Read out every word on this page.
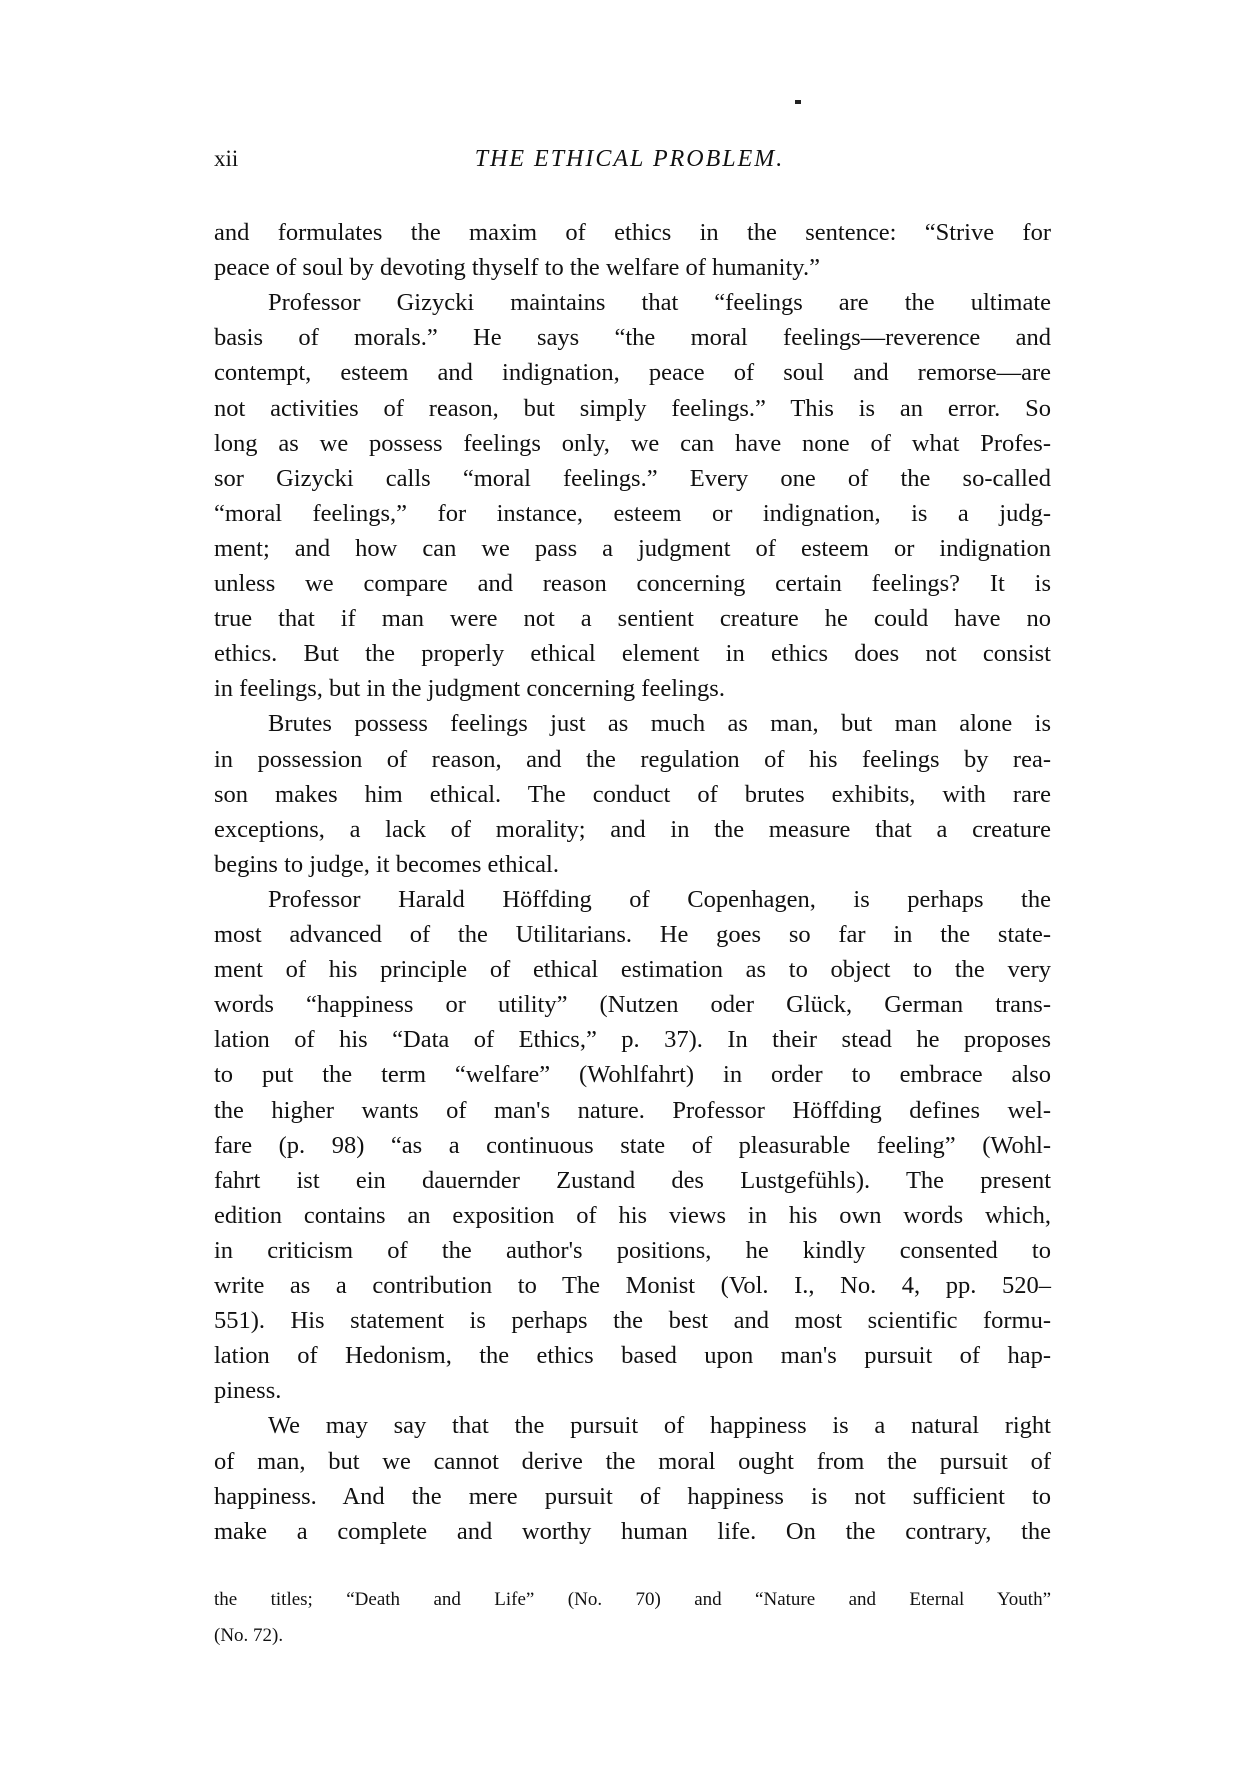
xii	THE ETHICAL PROBLEM.
and formulates the maxim of ethics in the sentence: “Strive for
peace of soul by devoting thyself to the welfare of humanity.”
Professor Gizycki maintains that “feelings are the ultimate
basis of morals.” He says “the moral feelings—reverence and
contempt, esteem and indignation, peace of soul and remorse—are
not activities of reason, but simply feelings.” This is an error. So
long as we possess feelings only, we can have none of what Profes-
sor Gizycki calls “moral feelings.” Every one of the so-called
“moral feelings,” for instance, esteem or indignation, is a judg-
ment; and how can we pass a judgment of esteem or indignation
unless we compare and reason concerning certain feelings? It is
true that if man were not a sentient creature he could have no
ethics. But the properly ethical element in ethics does not consist
in feelings, but in the judgment concerning feelings.
Brutes possess feelings just as much as man, but man alone is
in possession of reason, and the regulation of his feelings by rea-
son makes him ethical. The conduct of brutes exhibits, with rare
exceptions, a lack of morality; and in the measure that a creature
begins to judge, it becomes ethical.
Professor Harald Höffding of Copenhagen, is perhaps the
most advanced of the Utilitarians. He goes so far in the state-
ment of his principle of ethical estimation as to object to the very
words “happiness or utility” (Nutzen oder Glück, German trans-
lation of his “Data of Ethics,” p. 37). In their stead he proposes
to put the term “welfare” (Wohlfahrt) in order to embrace also
the higher wants of man's nature. Professor Höffding defines wel-
fare (p. 98) “as a continuous state of pleasurable feeling” (Wohl-
fahrt ist ein dauernder Zustand des Lustgefühls). The present
edition contains an exposition of his views in his own words which,
in criticism of the author's positions, he kindly consented to
write as a contribution to The Monist (Vol. I., No. 4, pp. 520–
551). His statement is perhaps the best and most scientific formu-
lation of Hedonism, the ethics based upon man's pursuit of hap-
piness.
We may say that the pursuit of happiness is a natural right
of man, but we cannot derive the moral ought from the pursuit of
happiness. And the mere pursuit of happiness is not sufficient to
make a complete and worthy human life. On the contrary, the
the titles; “Death and Life” (No. 70) and “Nature and Eternal Youth”
(No. 72).
